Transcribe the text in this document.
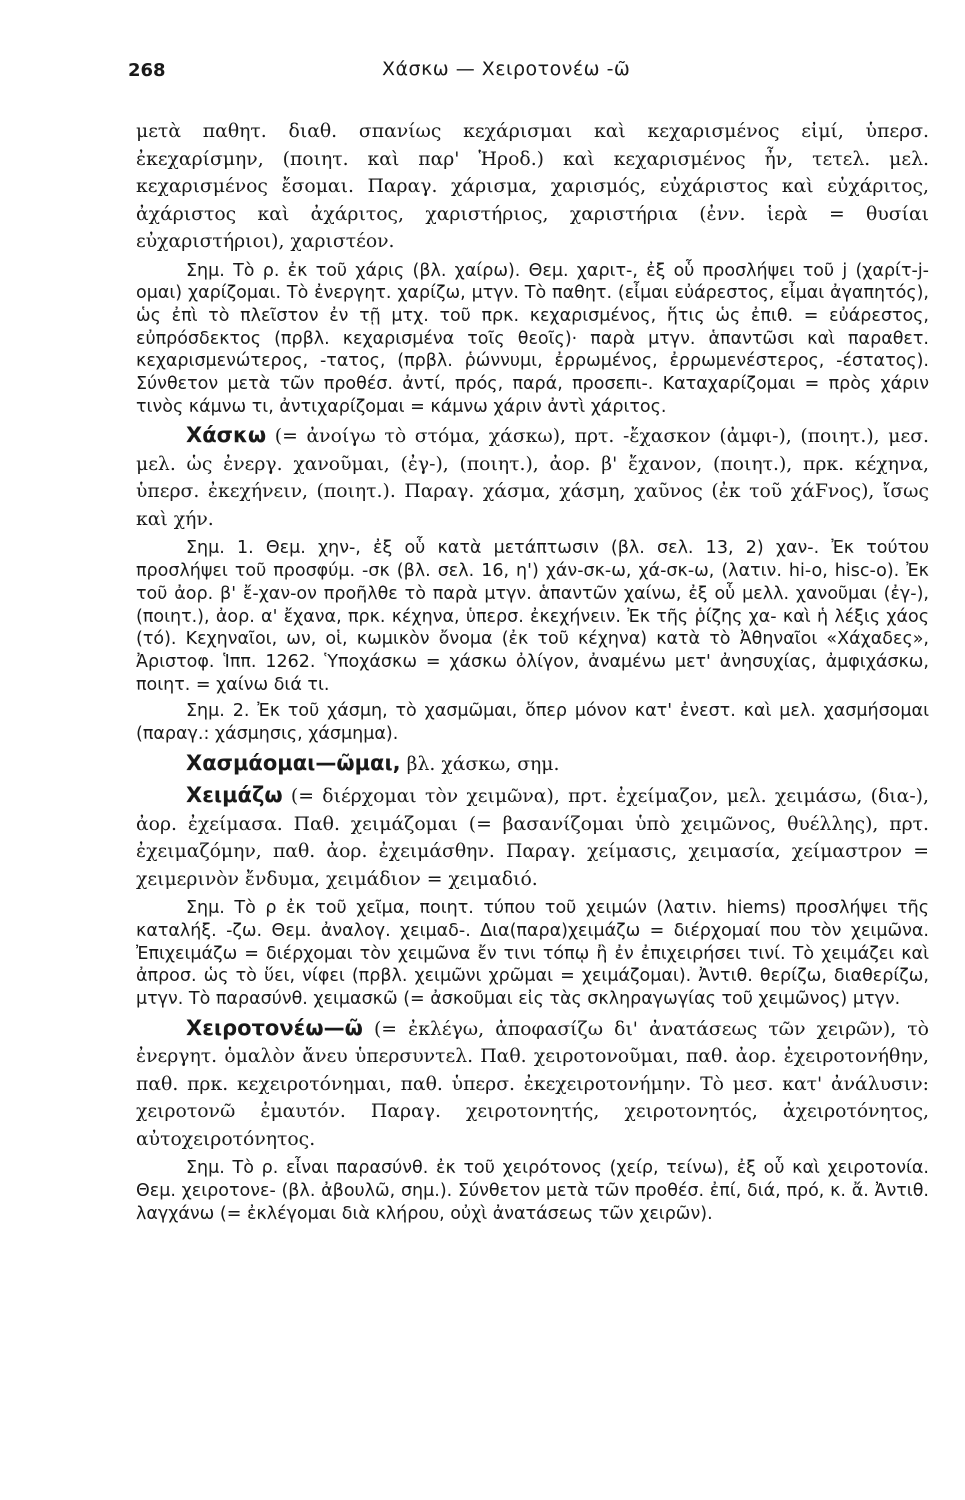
268	Χάσκω — Χειροτονέω -ῶ

μετὰ παθητ. διαθ. σπανίως κεχάρισμαι καὶ κεχαρισμένος εἰμί, ὑπερσ. ἐκεχαρίσμην, (ποιητ. καὶ παρ' Ἡροδ.) καὶ κεχαρισμένος ἦν, τετελ. μελ. κεχαρισμένος ἔσομαι. Παραγ. χάρισμα, χαρισμός, εὐχάριστος καὶ εὐχάριτος, ἀχάριστος καὶ ἀχάριτος, χαριστήριος, χαριστήρια (ἐνν. ἱερὰ = θυσίαι εὐχαριστήριοι), χαριστέον.

Σημ. Τὸ ρ. ἐκ τοῦ χάρις (βλ. χαίρω). Θεμ. χαριτ-, ἐξ οὗ προσλήψει τοῦ j (χαρίτ-j-ομαι) χαρίζομαι. Τὸ ἐνεργητ. χαρίζω, μτγν. Τὸ παθητ. (εἶμαι εὐάρεστος, εἶμαι ἀγαπητός), ὡς ἐπὶ τὸ πλεῖστον ἐν τῇ μτχ. τοῦ πρκ. κεχαρισμένος, ἥτις ὡς ἐπιθ. = εὐάρεστος, εὐπρόσδεκτος (πρβλ. κεχαρισμένα τοῖς θεοῖς)· παρὰ μτγν. ἁπαντῶσι καὶ παραθετ. κεχαρισμενώτερος, -τατος, (πρβλ. ῥώννυμι, ἐρρωμένος, ἐρρωμενέστερος, -έστατος). Σύνθετον μετὰ τῶν προθέσ. ἀντί, πρός, παρά, προσεπι-. Καταχαρίζομαι = πρὸς χάριν τινὸς κάμνω τι, ἀντιχαρίζομαι = κάμνω χάριν ἀντὶ χάριτος.

Χάσκω (= ἀνοίγω τὸ στόμα, χάσκω), πρτ. -ἔχασκον (ἀμφι-), (ποιητ.), μεσ. μελ. ὡς ἐνεργ. χανοῦμαι, (ἐγ-), (ποιητ.), ἀορ. β' ἔχανον, (ποιητ.), πρκ. κέχηνα, ὑπερσ. ἐκεχήνειν, (ποιητ.). Παραγ. χάσμα, χάσμη, χαῦνος (ἐκ τοῦ χάϜνος), ἴσως καὶ χήν.

Σημ. 1. Θεμ. χην-, ἐξ οὗ κατὰ μετάπτωσιν (βλ. σελ. 13, 2) χαν-. Ἐκ τούτου προσλήψει τοῦ προσφύμ. -σκ (βλ. σελ. 16, η') χάν-σκ-ω, χά-σκ-ω, (λατιν. hi-o, hisc-o). Ἐκ τοῦ ἀορ. β' ἔ-χαν-ον προῆλθε τὸ παρὰ μτγν. ἁπαντῶν χαίνω, ἐξ οὗ μελλ. χανοῦμαι (ἐγ-), (ποιητ.), ἀορ. α' ἔχανα, πρκ. κέχηνα, ὑπερσ. ἐκεχήνειν. Ἐκ τῆς ῥίζης χα- καὶ ἡ λέξις χάος (τό). Κεχηναῖοι, ων, οἱ, κωμικὸν ὄνομα (ἐκ τοῦ κέχηνα) κατὰ τὸ Ἀθηναῖοι «Χάχαδες», Ἀριστοφ. Ἱππ. 1262. Ὑποχάσκω = χάσκω ὀλίγον, ἀναμένω μετ' ἀνησυχίας, ἀμφιχάσκω, ποιητ. = χαίνω διά τι.

Σημ. 2. Ἐκ τοῦ χάσμη, τὸ χασμῶμαι, ὅπερ μόνον κατ' ἐνεστ. καὶ μελ. χασμήσομαι (παραγ.: χάσμησις, χάσμημα).

Χασμάομαι—ῶμαι, βλ. χάσκω, σημ.

Χειμάζω (= διέρχομαι τὸν χειμῶνα), πρτ. ἐχείμαζον, μελ. χειμάσω, (δια-), ἀορ. ἐχείμασα. Παθ. χειμάζομαι (= βασανίζομαι ὑπὸ χειμῶνος, θυέλλης), πρτ. ἐχειμαζόμην, παθ. ἀορ. ἐχειμάσθην. Παραγ. χείμασις, χειμασία, χείμαστρον = χειμερινὸν ἔνδυμα, χειμάδιον = χειμαδιό.

Σημ. Τὸ ρ ἐκ τοῦ χεῖμα, ποιητ. τύπου τοῦ χειμών (λατιν. hiems) προσλήψει τῆς καταλήξ. -ζω. Θεμ. ἀναλογ. χειμαδ-. Δια(παρα)χειμάζω = διέρχομαί που τὸν χειμῶνα. Ἐπιχειμάζω = διέρχομαι τὸν χειμῶνα ἔν τινι τόπῳ ἢ ἐν ἐπιχειρήσει τινί. Τὸ χειμάζει καὶ ἀπροσ. ὡς τὸ ὕει, νίφει (πρβλ. χειμῶνι χρῶμαι = χειμάζομαι). Ἀντιθ. θερίζω, διαθερίζω, μτγν. Τὸ παρασύνθ. χειμασκῶ (= ἀσκοῦμαι εἰς τὰς σκληραγωγίας τοῦ χειμῶνος) μτγν.

Χειροτονέω—ῶ (= ἐκλέγω, ἀποφασίζω δι' ἀνατάσεως τῶν χειρῶν), τὸ ἐνεργητ. ὁμαλὸν ἄνευ ὑπερσυντελ. Παθ. χειροτονοῦμαι, παθ. ἀορ. ἐχειροτονήθην, παθ. πρκ. κεχειροτόνημαι, παθ. ὑπερσ. ἐκεχειροτονήμην. Τὸ μεσ. κατ' ἀνάλυσιν: χειροτονῶ ἐμαυτόν. Παραγ. χειροτονητής, χειροτονητός, ἀχειροτόνητος, αὐτοχειροτόνητος.

Σημ. Τὸ ρ. εἶναι παρασύνθ. ἐκ τοῦ χειρότονος (χείρ, τείνω), ἐξ οὗ καὶ χειροτονία. Θεμ. χειροτονε- (βλ. ἀβουλῶ, σημ.). Σύνθετον μετὰ τῶν προθέσ. ἐπί, διά, πρό, κ. ἄ. Ἀντιθ. λαγχάνω (= ἐκλέγομαι διὰ κλήρου, οὐχὶ ἀνατάσεως τῶν χειρῶν).
